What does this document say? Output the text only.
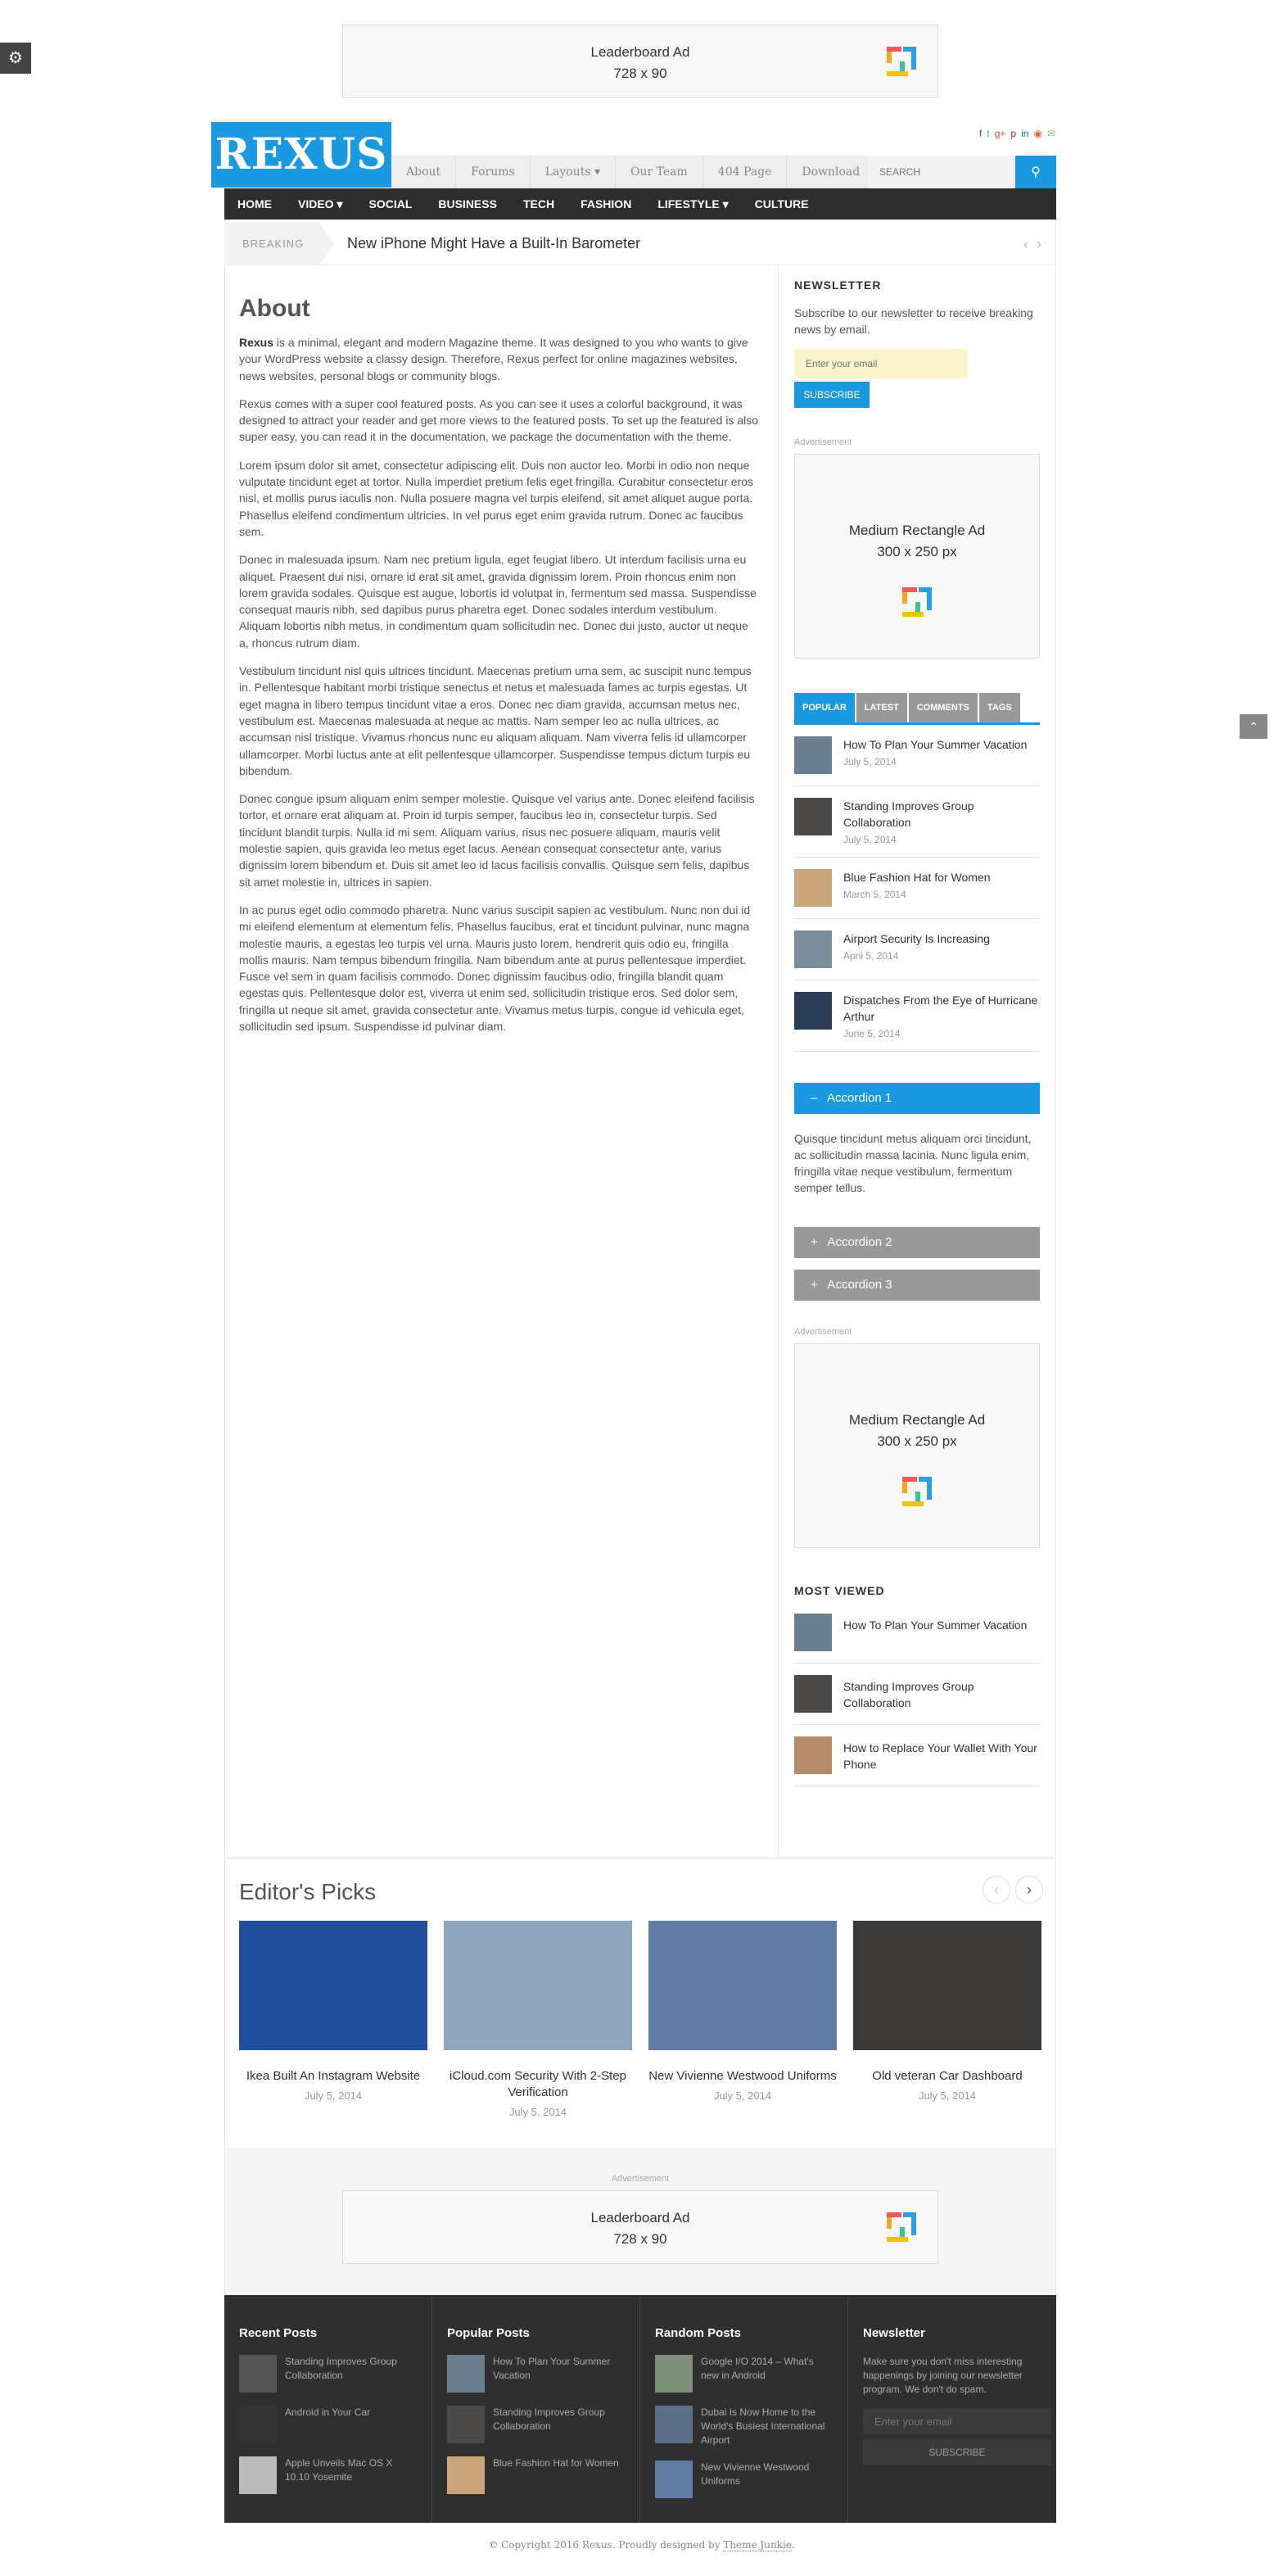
⚙	Leaderboard Ad
728 x 90
REXUS	f t g+ p in ◉ ✉
About	Forums	Layouts ▾	Our Team	404 Page	Download
SEARCH	⚲
HOME	VIDEO ▾	SOCIAL	BUSINESS	TECH	FASHION	LIFESTYLE ▾	CULTURE
BREAKING	New iPhone Might Have a Built-In Barometer	‹ ›
About

Rexus is a minimal, elegant and modern Magazine theme. It was designed to you who wants to give your WordPress website a classy design. Therefore, Rexus perfect for online magazines websites, news websites, personal blogs or community blogs.

Rexus comes with a super cool featured posts. As you can see it uses a colorful background, it was designed to attract your reader and get more views to the featured posts. To set up the featured is also super easy, you can read it in the documentation, we package the documentation with the theme.

Lorem ipsum dolor sit amet, consectetur adipiscing elit. Duis non auctor leo. Morbi in odio non neque vulputate tincidunt eget at tortor. Nulla imperdiet pretium felis eget fringilla. Curabitur consectetur eros nisl, et mollis purus iaculis non. Nulla posuere magna vel turpis eleifend, sit amet aliquet augue porta. Phasellus eleifend condimentum ultricies. In vel purus eget enim gravida rutrum. Donec ac faucibus sem.

Donec in malesuada ipsum. Nam nec pretium ligula, eget feugiat libero. Ut interdum facilisis urna eu aliquet. Praesent dui nisi, ornare id erat sit amet, gravida dignissim lorem. Proin rhoncus enim non lorem gravida sodales. Quisque est augue, lobortis id volutpat in, fermentum sed massa. Suspendisse consequat mauris nibh, sed dapibus purus pharetra eget. Donec sodales interdum vestibulum. Aliquam lobortis nibh metus, in condimentum quam sollicitudin nec. Donec dui justo, auctor ut neque a, rhoncus rutrum diam.

Vestibulum tincidunt nisl quis ultrices tincidunt. Maecenas pretium urna sem, ac suscipit nunc tempus in. Pellentesque habitant morbi tristique senectus et netus et malesuada fames ac turpis egestas. Ut eget magna in libero tempus tincidunt vitae a eros. Donec nec diam gravida, accumsan metus nec, vestibulum est. Maecenas malesuada at neque ac mattis. Nam semper leo ac nulla ultrices, ac accumsan nisl tristique. Vivamus rhoncus nunc eu aliquam aliquam. Nam viverra felis id ullamcorper ullamcorper. Morbi luctus ante at elit pellentesque ullamcorper. Suspendisse tempus dictum turpis eu bibendum.

Donec congue ipsum aliquam enim semper molestie. Quisque vel varius ante. Donec eleifend facilisis tortor, et ornare erat aliquam at. Proin id turpis semper, faucibus leo in, consectetur turpis. Sed tincidunt blandit turpis. Nulla id mi sem. Aliquam varius, risus nec posuere aliquam, mauris velit molestie sapien, quis gravida leo metus eget lacus. Aenean consequat consectetur ante, varius dignissim lorem bibendum et. Duis sit amet leo id lacus facilisis convallis. Quisque sem felis, dapibus sit amet molestie in, ultrices in sapien.

In ac purus eget odio commodo pharetra. Nunc varius suscipit sapien ac vestibulum. Nunc non dui id mi eleifend elementum at elementum felis. Phasellus faucibus, erat et tincidunt pulvinar, nunc magna molestie mauris, a egestas leo turpis vel urna. Mauris justo lorem, hendrerit quis odio eu, fringilla mollis mauris. Nam tempus bibendum fringilla. Nam bibendum ante at purus pellentesque imperdiet. Fusce vel sem in quam facilisis commodo. Donec dignissim faucibus odio, fringilla blandit quam egestas quis. Pellentesque dolor est, viverra ut enim sed, sollicitudin tristique eros. Sed dolor sem, fringilla ut neque sit amet, gravida consectetur ante. Vivamus metus turpis, congue id vehicula eget, sollicitudin sed ipsum. Suspendisse id pulvinar diam.

NEWSLETTER
Subscribe to our newsletter to receive breaking news by email.
Enter your email
SUBSCRIBE
Advertisement
Medium Rectangle Ad
300 x 250 px
POPULAR	LATEST	COMMENTS	TAGS
How To Plan Your Summer Vacation
July 5, 2014
Standing Improves Group Collaboration
July 5, 2014
Blue Fashion Hat for Women
March 5, 2014
Airport Security Is Increasing
April 5, 2014
Dispatches From the Eye of Hurricane Arthur
June 5, 2014
–   Accordion 1
Quisque tincidunt metus aliquam orci tincidunt, ac sollicitudin massa lacinia. Nunc ligula enim, fringilla vitae neque vestibulum, fermentum semper tellus.
+   Accordion 2
+   Accordion 3
Advertisement
Medium Rectangle Ad
300 x 250 px
MOST VIEWED
How To Plan Your Summer Vacation
Standing Improves Group Collaboration
How to Replace Your Wallet With Your Phone
Editor's Picks	‹	›
Ikea Built An Instagram Website
July 5, 2014
iCloud.com Security With 2-Step Verification
July 5, 2014
New Vivienne Westwood Uniforms
July 5, 2014
Old veteran Car Dashboard
July 5, 2014
Advertisement
Leaderboard Ad
728 x 90
Recent Posts
Standing Improves Group Collaboration
Android in Your Car
Apple Unveils Mac OS X 10.10 Yosemite
Popular Posts
How To Plan Your Summer Vacation
Standing Improves Group Collaboration
Blue Fashion Hat for Women
Random Posts
Google I/O 2014 – What's new in Android
Dubai Is Now Home to the World's Busiest International Airport
New Vivienne Westwood Uniforms
Newsletter
Make sure you don't miss interesting happenings by joining our newsletter program. We don't do spam.
Enter your email SUBSCRIBE
© Copyright 2016 Rexus. Proudly designed by Theme Junkie.
⌃
